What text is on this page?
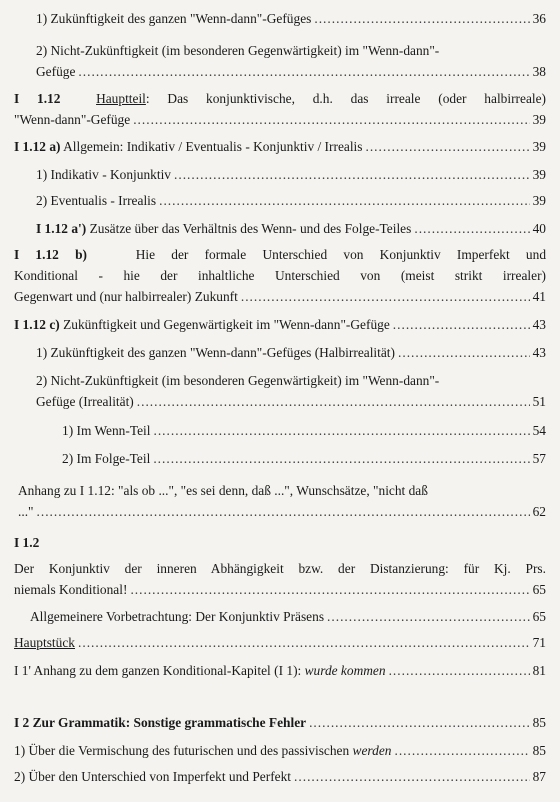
1) Zukünftigkeit des ganzen "Wenn-dann"-Gefüges .....	36
2) Nicht-Zukünftigkeit (im besonderen Gegenwärtigkeit) im "Wenn-dann"-
Gefüge .....	38
I 1.12	Hauptteil: Das konjunktivische, d.h. das irreale (oder halbirreale)
"Wenn-dann"-Gefüge .....	39
I 1.12 a) Allgemein: Indikativ / Eventualis - Konjunktiv / Irrealis .....	39
1) Indikativ - Konjunktiv .....	39
2) Eventualis - Irrealis .....	39
I 1.12 a') Zusätze über das Verhältnis des Wenn- und des Folge-Teiles .....	40
I 1.12 b)	Hie der formale Unterschied von Konjunktiv Imperfekt und
Konditional - hie der inhaltliche Unterschied von (meist strikt irrealer)
Gegenwart und (nur halbirrealer) Zukunft .....	41
I 1.12 c) Zukünftigkeit und Gegenwärtigkeit im "Wenn-dann"-Gefüge .....	43
1) Zukünftigkeit des ganzen "Wenn-dann"-Gefüges (Halbirrealität) .....	43
2) Nicht-Zukünftigkeit (im besonderen Gegenwärtigkeit) im "Wenn-dann"-
Gefüge (Irrealität) .....	51
1) Im Wenn-Teil .....	54
2) Im Folge-Teil .....	57
Anhang zu I 1.12: "als ob ...", "es sei denn, daß ...", Wunschsätze, "nicht daß
..." .....	62
I 1.2
Der Konjunktiv der inneren Abhängigkeit bzw. der Distanzierung: für Kj. Prs.
niemals Konditional! .....	65
Allgemeinere Vorbetrachtung: Der Konjunktiv Präsens .....	65
Hauptstück .....	71
I 1' Anhang zu dem ganzen Konditional-Kapitel (I 1): wurde kommen .....	81
I 2 Zur Grammatik: Sonstige grammatische Fehler .....	85
1) Über die Vermischung des futurischen und des passivischen werden .....	85
2) Über den Unterschied von Imperfekt und Perfekt .....	87
